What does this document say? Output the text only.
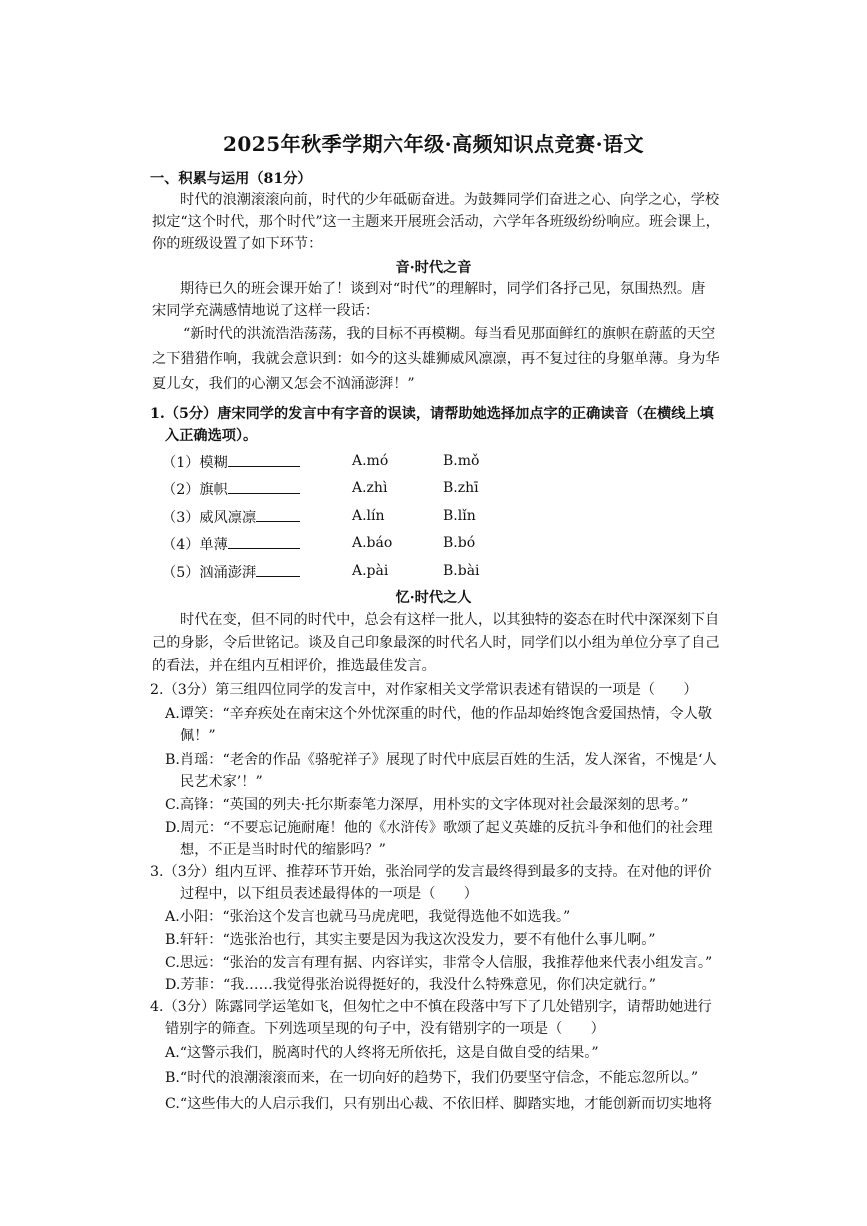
2025年秋季学期六年级·高频知识点竞赛·语文
一、积累与运用（81分）
时代的浪潮滚滚向前，时代的少年砥砺奋进。为鼓舞同学们奋进之心、向学之心，学校
拟定“这个时代，那个时代”这一主题来开展班会活动，六学年各班级纷纷响应。班会课上，
你的班级设置了如下环节：
音·时代之音
期待已久的班会课开始了！谈到对“时代”的理解时，同学们各抒己见，氛围热烈。唐
宋同学充满感情地说了这样一段话：
“新时代的洪流浩浩荡荡，我的目标不再模糊。每当看见那面鲜红的旗帜在蔚蓝的天空
之下猎猎作响，我就会意识到：如今的这头雄狮威风凛凛，再不复过往的身躯单薄。身为华
夏儿女，我们的心潮又怎会不汹涌澎湃！”
1.（5分）唐宋同学的发言中有字音的误读，请帮助她选择加点字的正确读音（在横线上填
入正确选项）。
（1）模糊	A.mó	B.mǒ
（2）旗帜	A.zhì	B.zhī
（3）威风凛凛	A.lín	B.lǐn
（4）单薄	A.báo	B.bó
（5）汹涌澎湃	A.pài	B.bài
忆·时代之人
时代在变，但不同的时代中，总会有这样一批人，以其独特的姿态在时代中深深刻下自
己的身影，令后世铭记。谈及自己印象最深的时代名人时，同学们以小组为单位分享了自己
的看法，并在组内互相评价，推选最佳发言。
2.（3分）第三组四位同学的发言中，对作家相关文学常识表述有错误的一项是（　　）
A.谭笑：“辛弃疾处在南宋这个外忧深重的时代，他的作品却始终饱含爱国热情，令人敬
佩！”
B.肖瑶：“老舍的作品《骆驼祥子》展现了时代中底层百姓的生活，发人深省，不愧是‘人
民艺术家’！”
C.高锋：“英国的列夫·托尔斯泰笔力深厚，用朴实的文字体现对社会最深刻的思考。”
D.周元：“不要忘记施耐庵！他的《水浒传》歌颂了起义英雄的反抗斗争和他们的社会理
想，不正是当时时代的缩影吗？”
3.（3分）组内互评、推荐环节开始，张治同学的发言最终得到最多的支持。在对他的评价
过程中，以下组员表述最得体的一项是（　　）
A.小阳：“张治这个发言也就马马虎虎吧，我觉得选他不如选我。”
B.轩轩：“选张治也行，其实主要是因为我这次没发力，要不有他什么事儿啊。”
C.思远：“张治的发言有理有据、内容详实，非常令人信服，我推荐他来代表小组发言。”
D.芳菲：“我……我觉得张治说得挺好的，我没什么特殊意见，你们决定就行。”
4.（3分）陈露同学运笔如飞，但匆忙之中不慎在段落中写下了几处错别字，请帮助她进行
错别字的筛查。下列选项呈现的句子中，没有错别字的一项是（　　）
A.“这警示我们，脱离时代的人终将无所依托，这是自做自受的结果。”
B.“时代的浪潮滚滚而来，在一切向好的趋势下，我们仍要坚守信念，不能忘忽所以。”
C.“这些伟大的人启示我们，只有别出心裁、不依旧样、脚踏实地，才能创新而切实地将
